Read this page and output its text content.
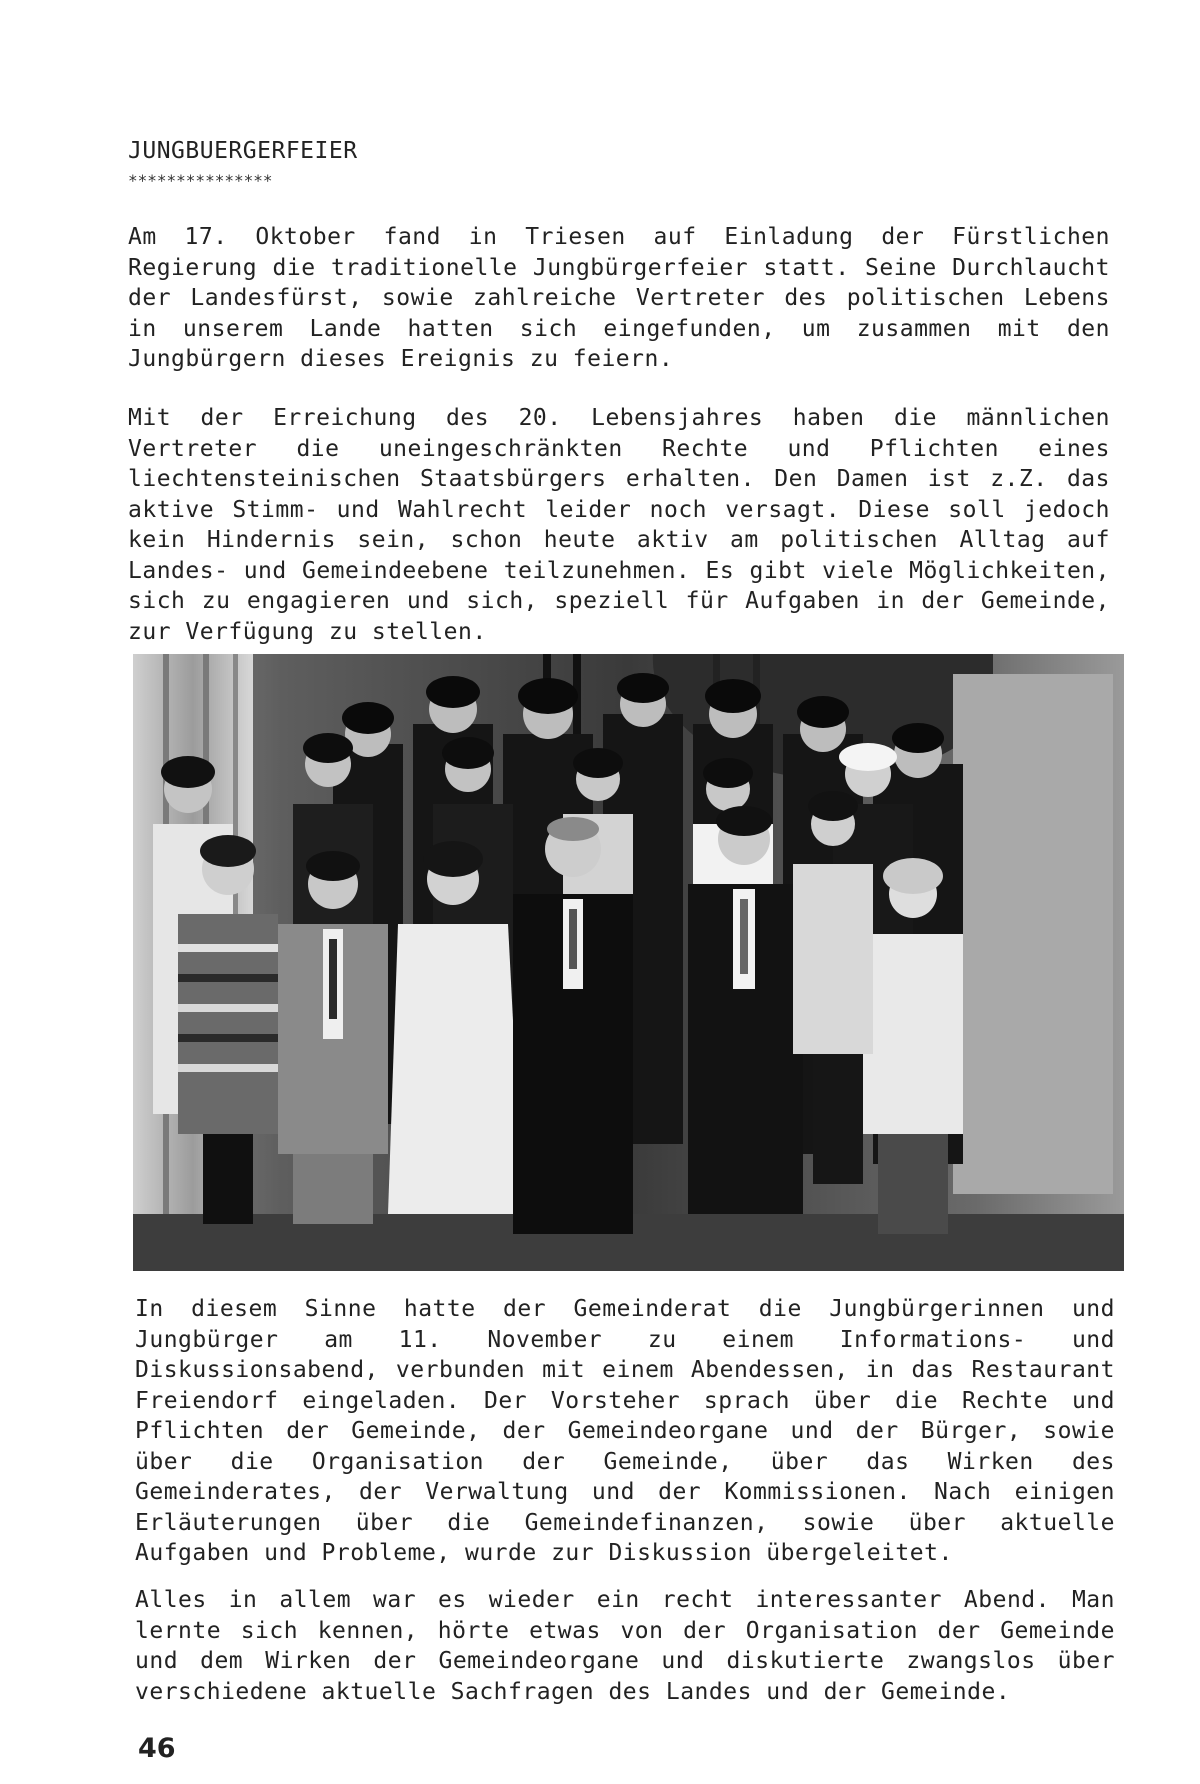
JUNGBUERGERFEIER
***************

Am 17. Oktober fand in Triesen auf Einladung der Fürstlichen Regierung die traditionelle Jungbürgerfeier statt. Seine Durchlaucht der Landesfürst, sowie zahlreiche Vertreter des politischen Lebens in unserem Lande hatten sich eingefunden, um zusammen mit den Jungbürgern dieses Ereignis zu feiern.

Mit der Erreichung des 20. Lebensjahres haben die männlichen Vertreter die uneingeschränkten Rechte und Pflichten eines liechtensteinischen Staatsbürgers erhalten. Den Damen ist z.Z. das aktive Stimm- und Wahlrecht leider noch versagt. Diese soll jedoch kein Hindernis sein, schon heute aktiv am politischen Alltag auf Landes- und Gemeindeebene teilzunehmen. Es gibt viele Möglichkeiten, sich zu engagieren und sich, speziell für Aufgaben in der Gemeinde, zur Verfügung zu stellen.

In diesem Sinne hatte der Gemeinderat die Jungbürgerinnen und Jungbürger am 11. November zu einem Informations- und Diskussionsabend, verbunden mit einem Abendessen, in das Restaurant Freiendorf eingeladen. Der Vorsteher sprach über die Rechte und Pflichten der Gemeinde, der Gemeindeorgane und der Bürger, sowie über die Organisation der Gemeinde, über das Wirken des Gemeinderates, der Verwaltung und der Kommissionen. Nach einigen Erläuterungen über die Gemeindefinanzen, sowie über aktuelle Aufgaben und Probleme, wurde zur Diskussion übergeleitet.

Alles in allem war es wieder ein recht interessanter Abend. Man lernte sich kennen, hörte etwas von der Organisation der Gemeinde und dem Wirken der Gemeindeorgane und diskutierte zwangslos über verschiedene aktuelle Sachfragen des Landes und der Gemeinde.

46
